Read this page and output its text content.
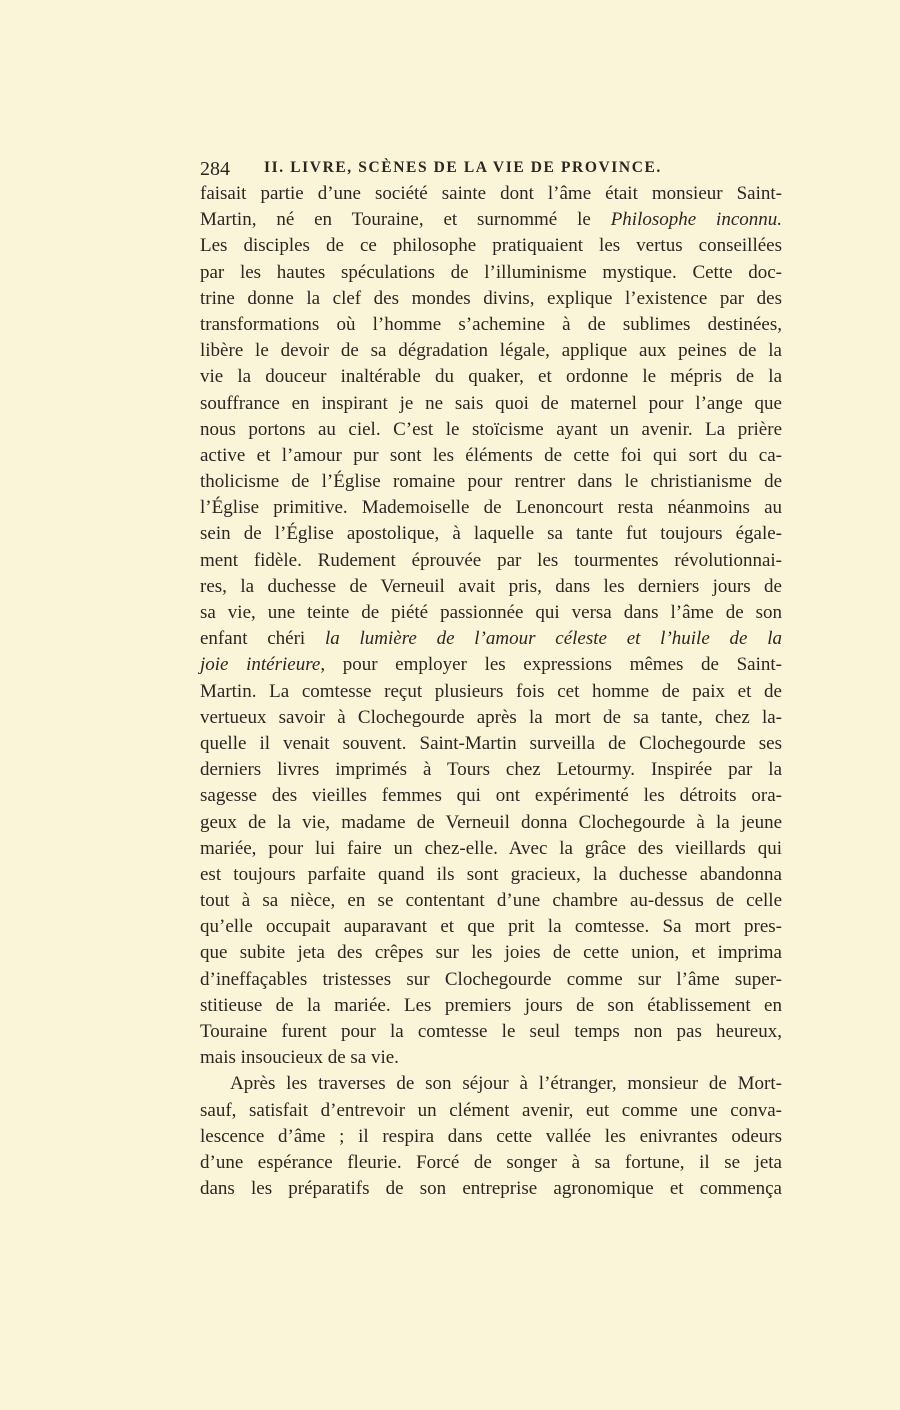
284 II. LIVRE, SCÈNES DE LA VIE DE PROVINCE.
faisait partie d’une société sainte dont l’âme était monsieur Saint-
Martin, né en Touraine, et surnommé le Philosophe inconnu.
Les disciples de ce philosophe pratiquaient les vertus conseillées
par les hautes spéculations de l’illuminisme mystique. Cette doc-
trine donne la clef des mondes divins, explique l’existence par des
transformations où l’homme s’achemine à de sublimes destinées,
libère le devoir de sa dégradation légale, applique aux peines de la
vie la douceur inaltérable du quaker, et ordonne le mépris de la
souffrance en inspirant je ne sais quoi de maternel pour l’ange que
nous portons au ciel. C’est le stoïcisme ayant un avenir. La prière
active et l’amour pur sont les éléments de cette foi qui sort du ca-
tholicisme de l’Église romaine pour rentrer dans le christianisme de
l’Église primitive. Mademoiselle de Lenoncourt resta néanmoins au
sein de l’Église apostolique, à laquelle sa tante fut toujours égale-
ment fidèle. Rudement éprouvée par les tourmentes révolutionnai-
res, la duchesse de Verneuil avait pris, dans les derniers jours de
sa vie, une teinte de piété passionnée qui versa dans l’âme de son
enfant chéri la lumière de l’amour céleste et l’huile de la
joie intérieure, pour employer les expressions mêmes de Saint-
Martin. La comtesse reçut plusieurs fois cet homme de paix et de
vertueux savoir à Clochegourde après la mort de sa tante, chez la-
quelle il venait souvent. Saint-Martin surveilla de Clochegourde ses
derniers livres imprimés à Tours chez Letourmy. Inspirée par la
sagesse des vieilles femmes qui ont expérimenté les détroits ora-
geux de la vie, madame de Verneuil donna Clochegourde à la jeune
mariée, pour lui faire un chez-elle. Avec la grâce des vieillards qui
est toujours parfaite quand ils sont gracieux, la duchesse abandonna
tout à sa nièce, en se contentant d’une chambre au-dessus de celle
qu’elle occupait auparavant et que prit la comtesse. Sa mort pres-
que subite jeta des crêpes sur les joies de cette union, et imprima
d’ineffaçables tristesses sur Clochegourde comme sur l’âme super-
stitieuse de la mariée. Les premiers jours de son établissement en
Touraine furent pour la comtesse le seul temps non pas heureux,
mais insoucieux de sa vie.
Après les traverses de son séjour à l’étranger, monsieur de Mort-
sauf, satisfait d’entrevoir un clément avenir, eut comme une conva-
lescence d’âme ; il respira dans cette vallée les enivrantes odeurs
d’une espérance fleurie. Forcé de songer à sa fortune, il se jeta
dans les préparatifs de son entreprise agronomique et commença
